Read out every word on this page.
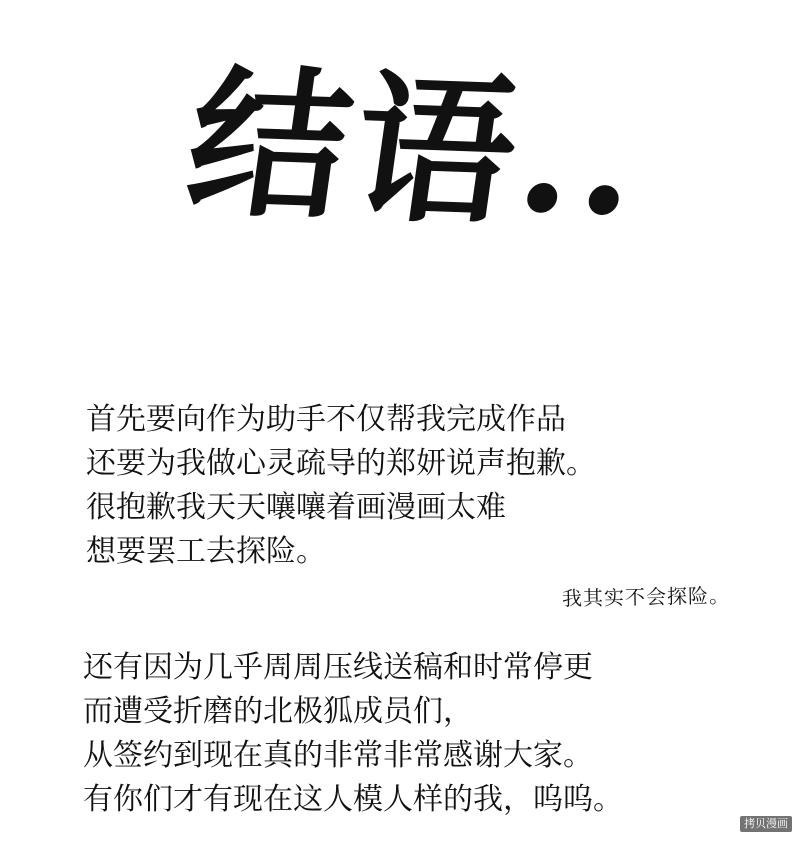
结语..
首先要向作为助手不仅帮我完成作品
还要为我做心灵疏导的郑妍说声抱歉。
很抱歉我天天嚷嚷着画漫画太难
想要罢工去探险。
我其实不会探险。
还有因为几乎周周压线送稿和时常停更
而遭受折磨的北极狐成员们，
从签约到现在真的非常非常感谢大家。
有你们才有现在这人模人样的我，呜呜。
拷贝漫画
